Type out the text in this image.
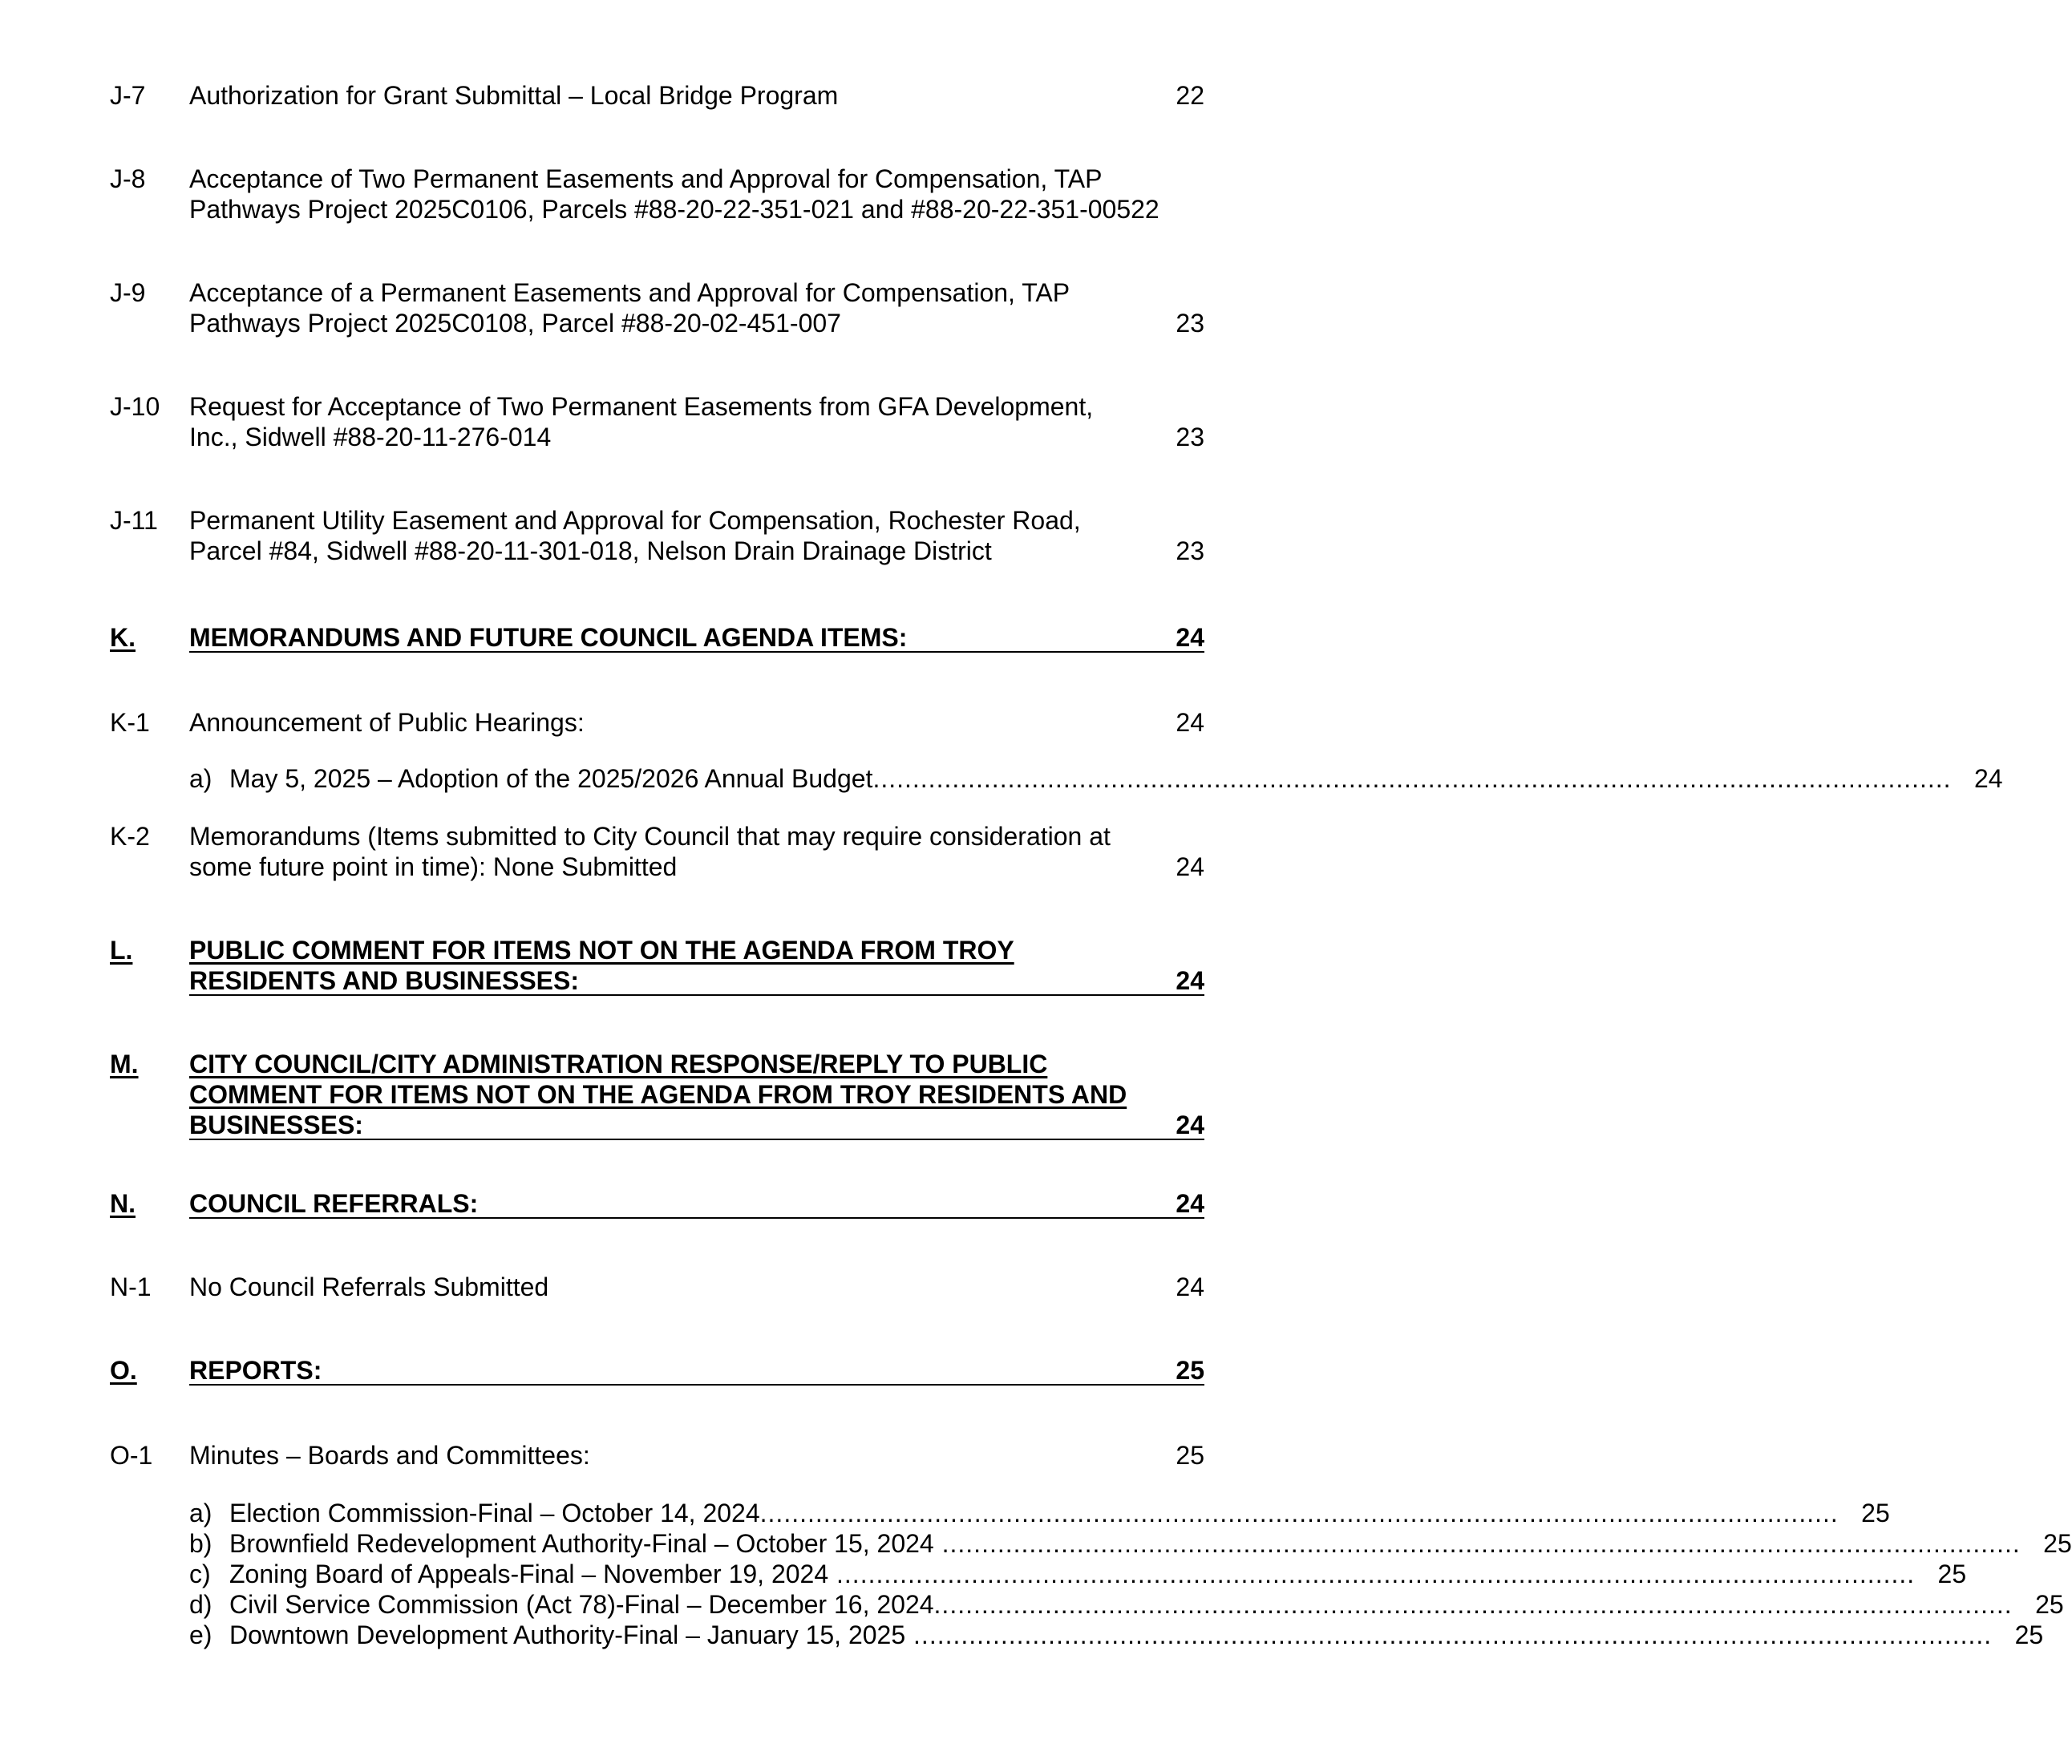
J-7	Authorization for Grant Submittal – Local Bridge Program	22
J-8	Acceptance of Two Permanent Easements and Approval for Compensation, TAP
Pathways Project 2025C0106, Parcels #88-20-22-351-021 and #88-20-22-351-00522
J-9	Acceptance of a Permanent Easements and Approval for Compensation, TAP
Pathways Project 2025C0108, Parcel #88-20-02-451-007	23
J-10	Request for Acceptance of Two Permanent Easements from GFA Development,
Inc., Sidwell #88-20-11-276-014	23
J-11	Permanent Utility Easement and Approval for Compensation, Rochester Road,
Parcel #84, Sidwell #88-20-11-301-018, Nelson Drain Drainage District	23
K.	MEMORANDUMS AND FUTURE COUNCIL AGENDA ITEMS:	24
K-1	Announcement of Public Hearings:	24
a) May 5, 2025 – Adoption of the 2025/2026 Annual Budget ........................................................................................................................................ 24
K-2	Memorandums (Items submitted to City Council that may require consideration at
some future point in time): None Submitted	24
L.	PUBLIC COMMENT FOR ITEMS NOT ON THE AGENDA FROM TROY
RESIDENTS AND BUSINESSES:	24
M.	CITY COUNCIL/CITY ADMINISTRATION RESPONSE/REPLY TO PUBLIC
COMMENT FOR ITEMS NOT ON THE AGENDA FROM TROY RESIDENTS AND
BUSINESSES:	24
N.	COUNCIL REFERRALS:	24
N-1	No Council Referrals Submitted	24
O.	REPORTS:	25
O-1	Minutes – Boards and Committees:	25
a) Election Commission-Final – October 14, 2024 ........................................................................................................................................ 25
b) Brownfield Redevelopment Authority-Final – October 15, 2024 ........................................................................................................................................ 25
c) Zoning Board of Appeals-Final – November 19, 2024 ........................................................................................................................................ 25
d) Civil Service Commission (Act 78)-Final – December 16, 2024 ........................................................................................................................................ 25
e) Downtown Development Authority-Final – January 15, 2025 ........................................................................................................................................ 25
